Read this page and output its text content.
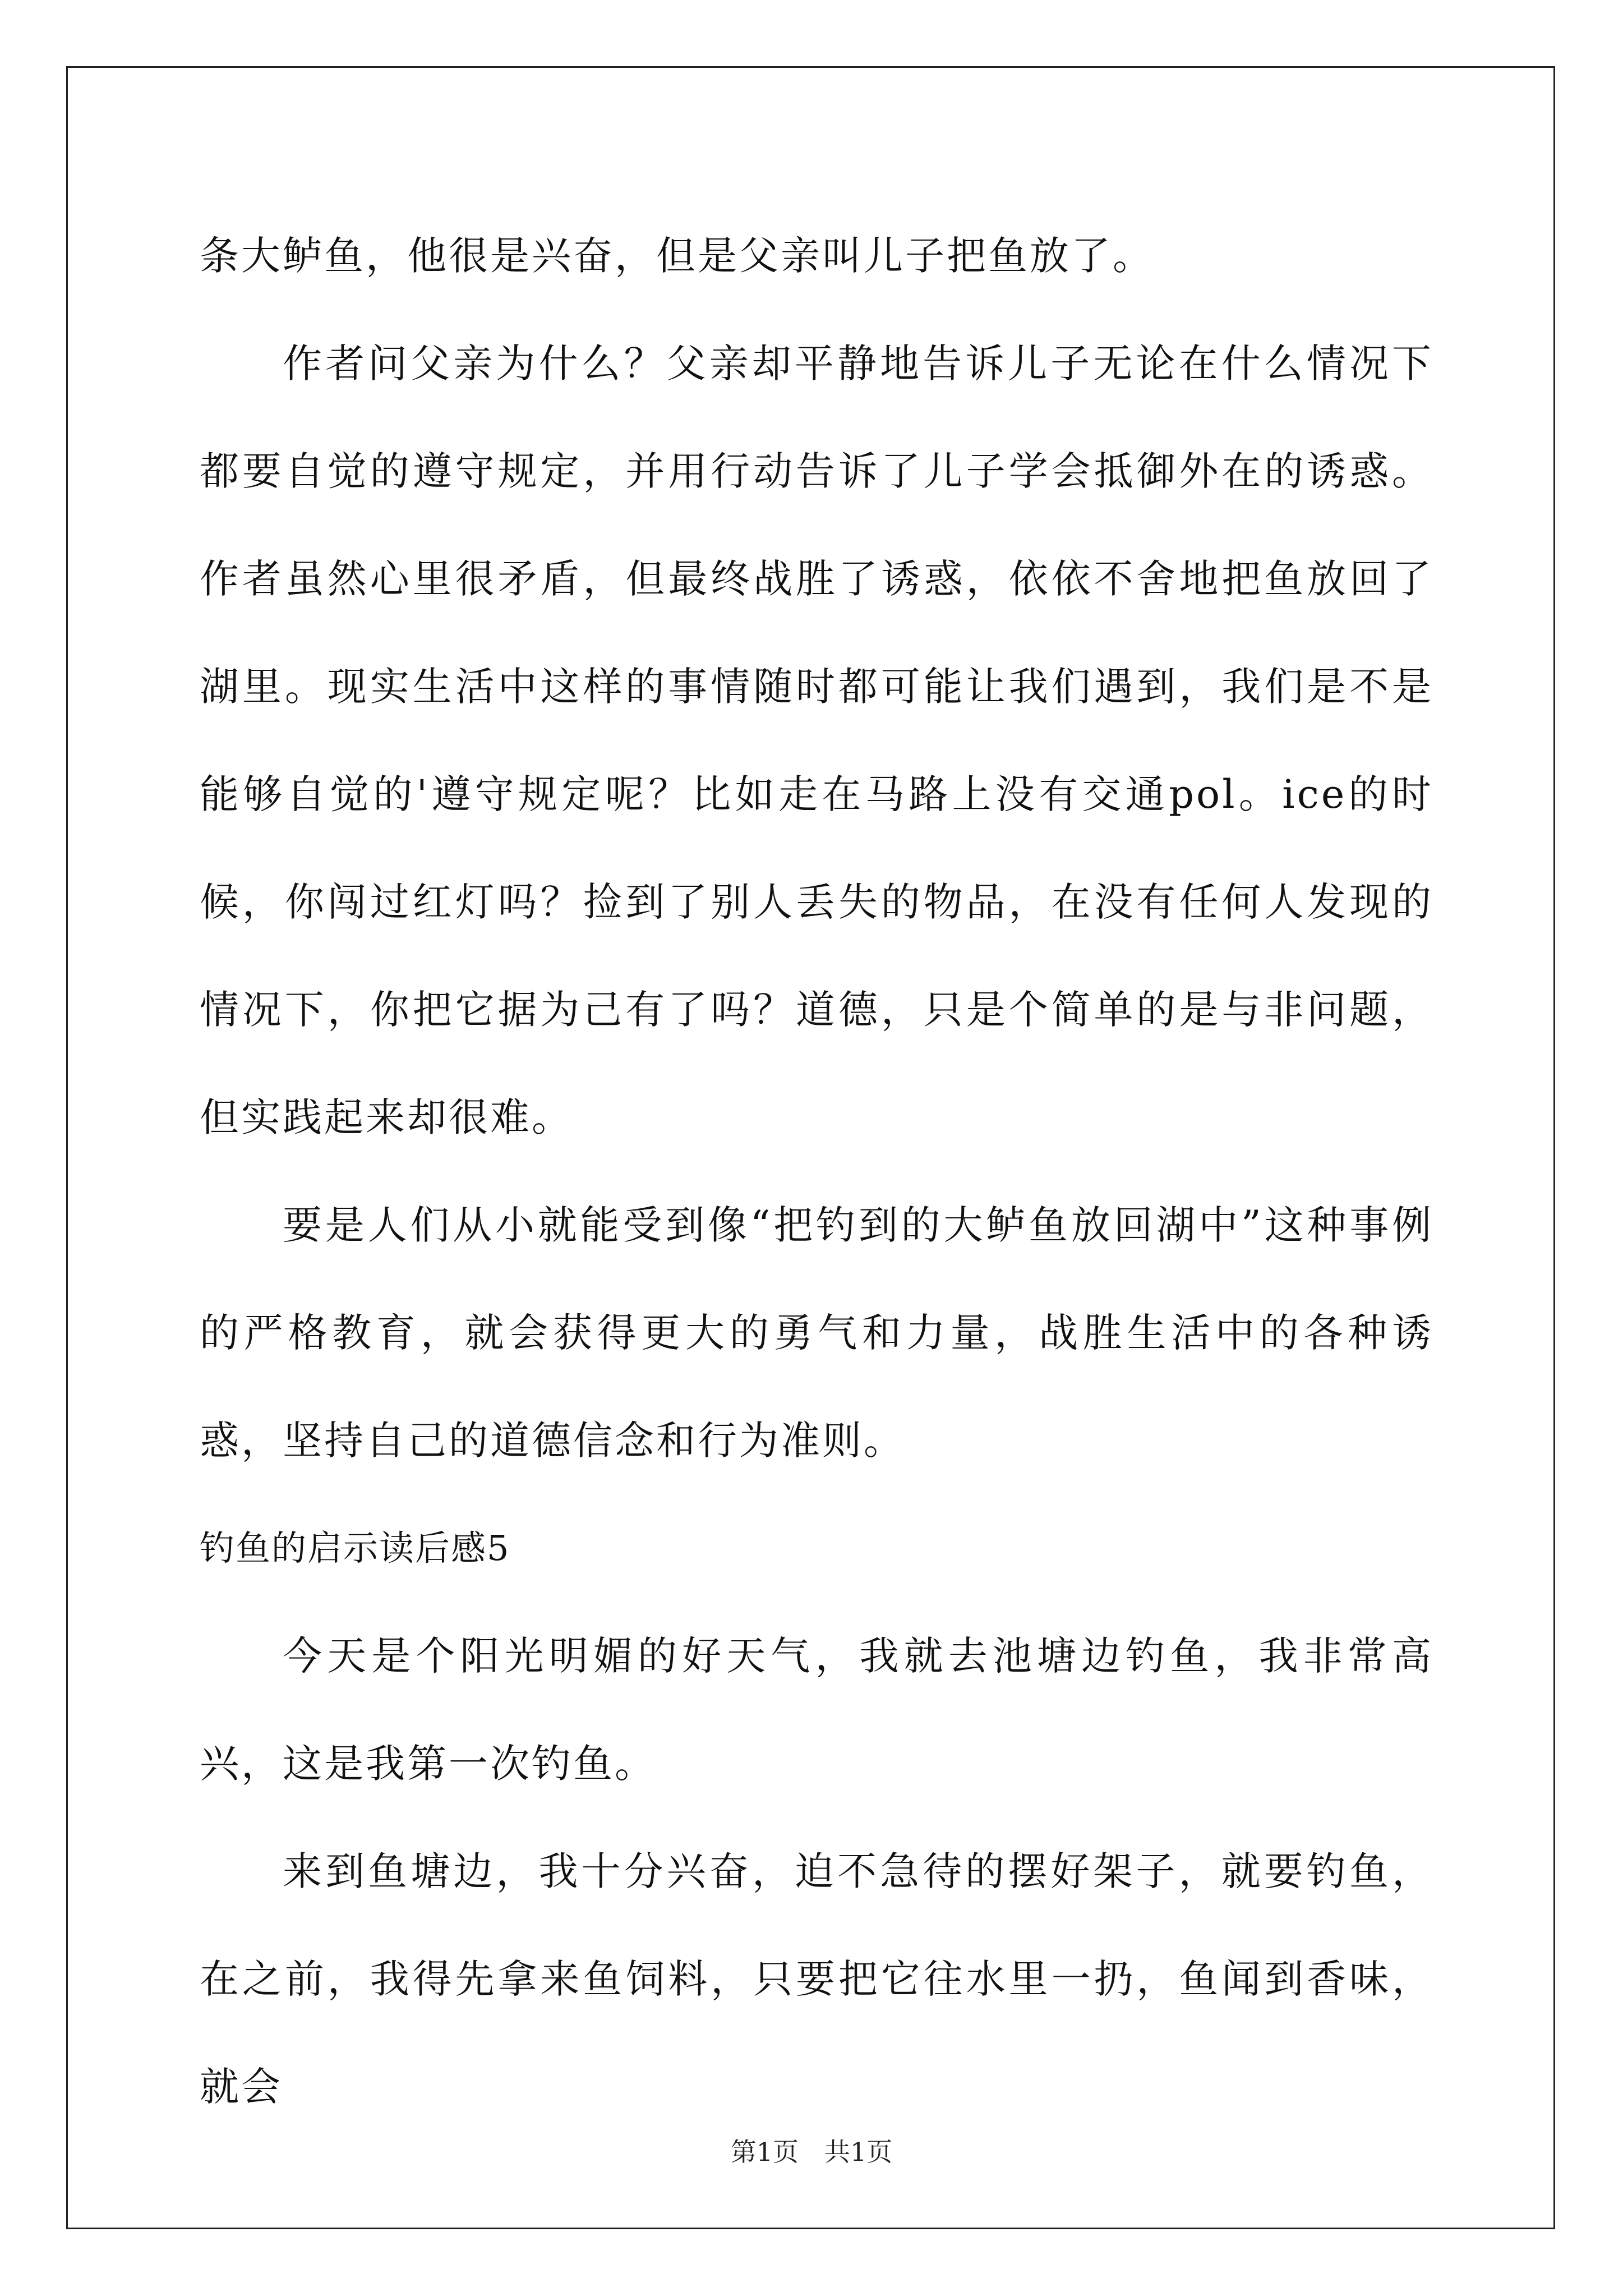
条大鲈鱼，他很是兴奋，但是父亲叫儿子把鱼放了。

作者问父亲为什么？父亲却平静地告诉儿子无论在什么情况下都要自觉的遵守规定，并用行动告诉了儿子学会抵御外在的诱惑。作者虽然心里很矛盾，但最终战胜了诱惑，依依不舍地把鱼放回了湖里。现实生活中这样的事情随时都可能让我们遇到，我们是不是能够自觉的'遵守规定呢？比如走在马路上没有交通pol。ice的时候，你闯过红灯吗？捡到了别人丢失的物品，在没有任何人发现的情况下，你把它据为己有了吗？道德，只是个简单的是与非问题，但实践起来却很难。

要是人们从小就能受到像“把钓到的大鲈鱼放回湖中”这种事例的严格教育，就会获得更大的勇气和力量，战胜生活中的各种诱惑，坚持自己的道德信念和行为准则。

钓鱼的启示读后感5

今天是个阳光明媚的好天气，我就去池塘边钓鱼，我非常高兴，这是我第一次钓鱼。

来到鱼塘边，我十分兴奋，迫不急待的摆好架子，就要钓鱼，在之前，我得先拿来鱼饲料，只要把它往水里一扔，鱼闻到香味，就会

第1页　共1页
